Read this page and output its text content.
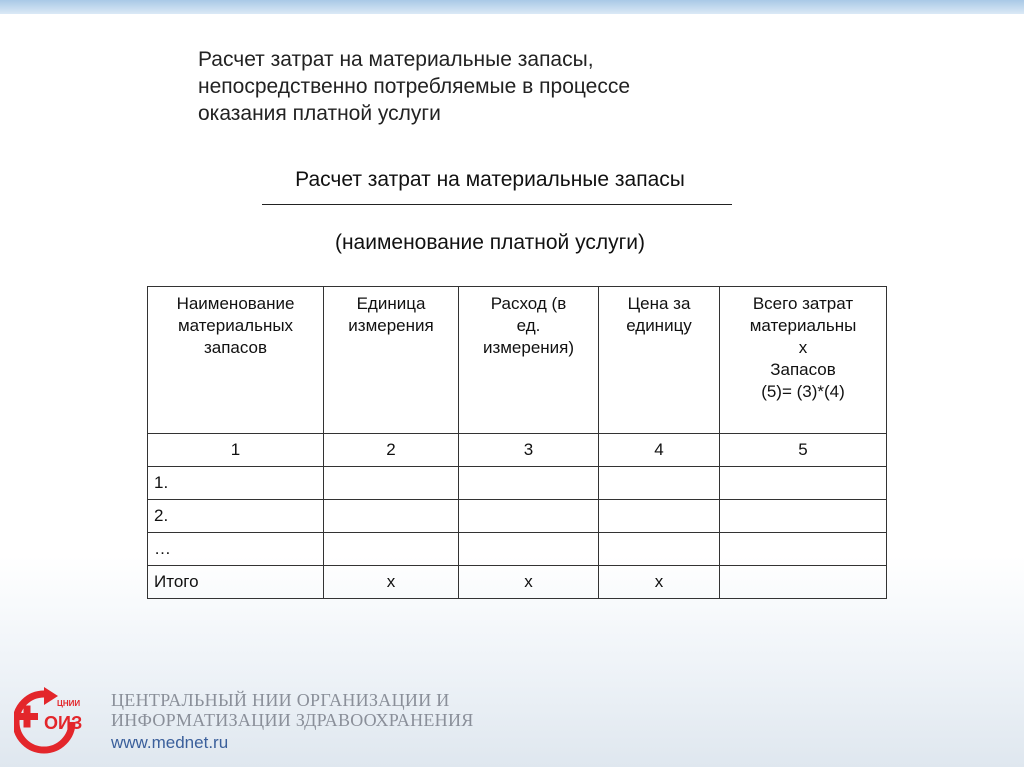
Расчет затрат на материальные запасы,
непосредственно потребляемые в процессе
оказания платной услуги
Расчет затрат на материальные запасы
(наименование платной услуги)
Наименование
материальных
запасов	Единица
измерения	Расход (в
ед.
измерения)	Цена за
единицу	Всего затрат
материальны
х
Запасов
(5)= (3)*(4)
1	2	3	4	5
1.				
2.				
…				
Итого	х	х	х	
ЦНИИ
ОИЗ
ЦЕНТРАЛЬНЫЙ НИИ ОРГАНИЗАЦИИ И
ИНФОРМАТИЗАЦИИ ЗДРАВООХРАНЕНИЯ
www.mednet.ru
